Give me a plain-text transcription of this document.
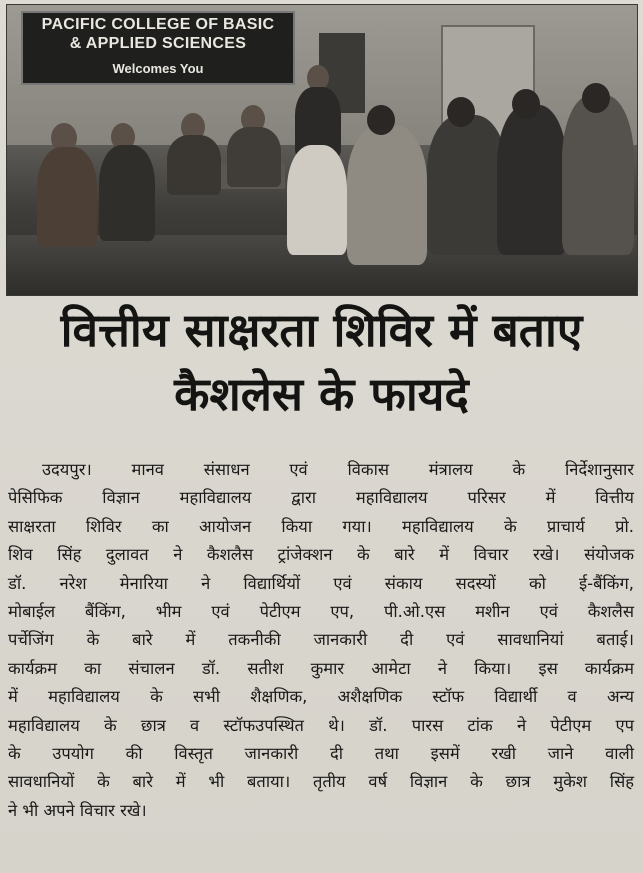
PACIFIC COLLEGE OF BASIC
& APPLIED SCIENCES
Welcomes You
वित्तीय साक्षरता शिविर में बताए
कैशलेस के फायदे
उदयपुर। मानव संसाधन एवं विकास मंत्रालय के निर्देशानुसार
पेसिफिक विज्ञान महाविद्यालय द्वारा महाविद्यालय परिसर में वित्तीय
साक्षरता शिविर का आयोजन किया गया। महाविद्यालय के प्राचार्य प्रो.
शिव सिंह दुलावत ने कैशलैस ट्रांजेक्शन के बारे में विचार रखे। संयोजक
डॉ. नरेश मेनारिया ने विद्यार्थियों एवं संकाय सदस्यों को ई-बैंकिंग,
मोबाईल बैंकिंग, भीम एवं पेटीएम एप, पी.ओ.एस मशीन एवं कैशलैस
पर्चेजिंग के बारे में तकनीकी जानकारी दी एवं सावधानियां बताई।
कार्यक्रम का संचालन डॉ. सतीश कुमार आमेटा ने किया। इस कार्यक्रम
में महाविद्यालय के सभी शैक्षणिक, अशैक्षणिक स्टॉफ विद्यार्थी व अन्य
महाविद्यालय के छात्र व स्टॉफउपस्थित थे। डॉ. पारस टांक ने पेटीएम एप
के उपयोग की विस्तृत जानकारी दी तथा इसमें रखी जाने वाली
सावधानियों के बारे में भी बताया। तृतीय वर्ष विज्ञान के छात्र मुकेश सिंह
ने भी अपने विचार रखे।
